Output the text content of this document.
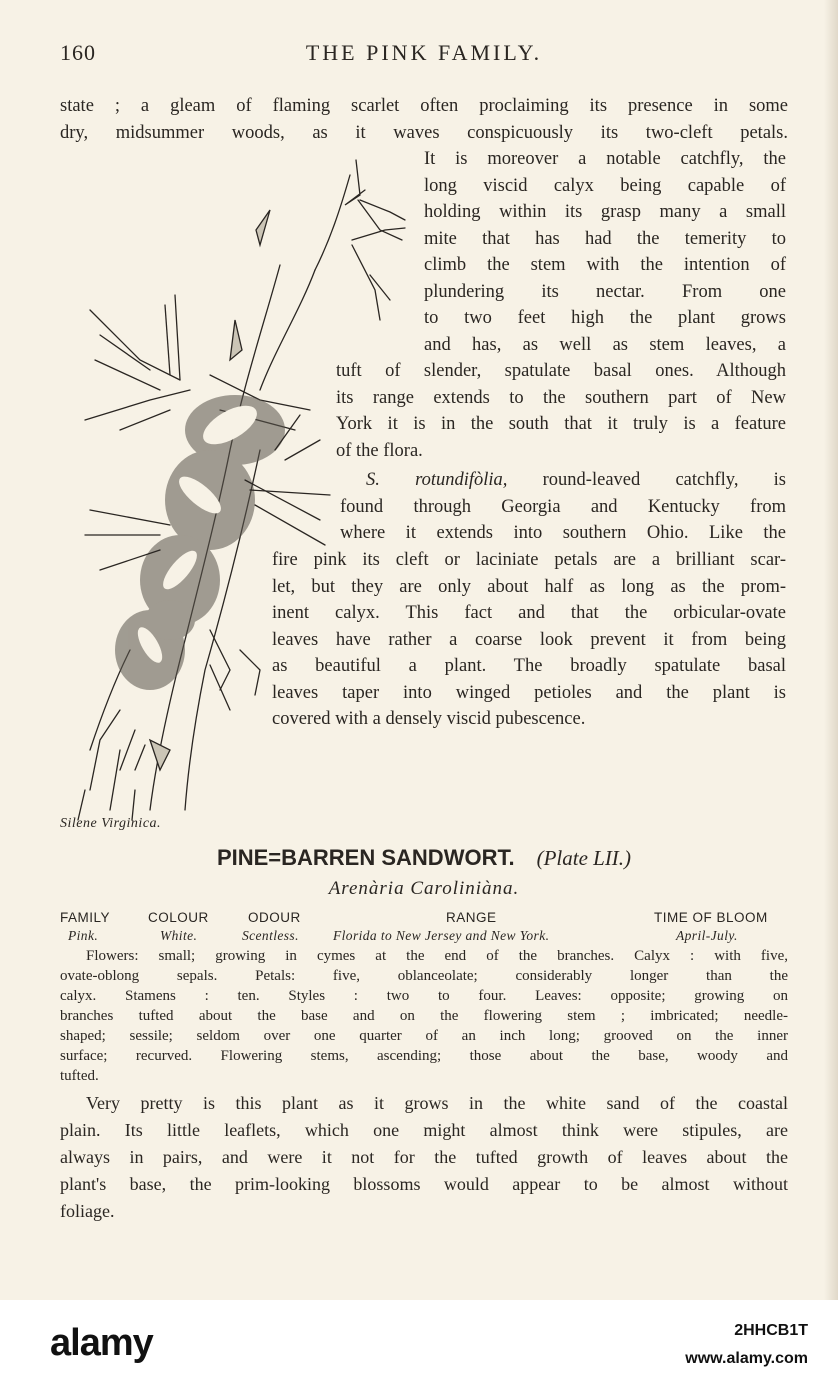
160	THE PINK FAMILY.

state ; a gleam of flaming scarlet often proclaiming its presence in some
dry, midsummer woods, as it waves conspicuously its two-cleft petals.

Silene Virginica.

It is moreover a notable catchfly, the
long viscid calyx being capable of
holding within its grasp many a small
mite that has had the temerity to
climb the stem with the intention of
plundering its nectar. From one
to two feet high the plant grows
and has, as well as stem leaves, a

tuft of slender, spatulate basal ones. Although
its range extends to the southern part of New
York it is in the south that it truly is a feature
of the flora.

S. rotundifòlia, round-leaved catchfly, is
found through Georgia and Kentucky from
where it extends into southern Ohio. Like the

fire pink its cleft or laciniate petals are a brilliant scar-
let, but they are only about half as long as the prom-
inent calyx. This fact and that the orbicular-ovate
leaves have rather a coarse look prevent it from being
as beautiful a plant. The broadly spatulate basal
leaves taper into winged petioles and the plant is
covered with a densely viscid pubescence.

PINE=BARREN SANDWORT. (Plate LII.)
Arenària Caroliniàna.
FAMILY	COLOUR	ODOUR	RANGE	TIME OF BLOOM
Pink.	White.	Scentless.	Florida to New Jersey and New York.	April-July.

Flowers: small; growing in cymes at the end of the branches. Calyx : with five,
ovate-oblong sepals. Petals: five, oblanceolate; considerably longer than the
calyx. Stamens : ten. Styles : two to four. Leaves: opposite; growing on
branches tufted about the base and on the flowering stem ; imbricated; needle-
shaped; sessile; seldom over one quarter of an inch long; grooved on the inner
surface; recurved. Flowering stems, ascending; those about the base, woody and
tufted.

Very pretty is this plant as it grows in the white sand of the coastal
plain. Its little leaflets, which one might almost think were stipules, are
always in pairs, and were it not for the tufted growth of leaves about the
plant's base, the prim-looking blossoms would appear to be almost without
foliage.

alamy	2HHCB1T
www.alamy.com
